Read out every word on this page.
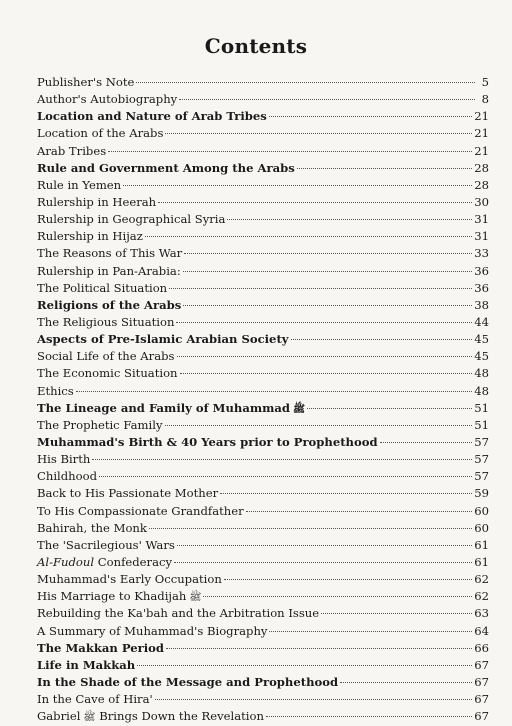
Contents
Publisher's Note	5
Author's Autobiography	8
Location and Nature of Arab Tribes	21
Location of the Arabs	21
Arab Tribes	21
Rule and Government Among the Arabs	28
Rule in Yemen	28
Rulership in Heerah	30
Rulership in Geographical Syria	31
Rulership in Hijaz	31
The Reasons of This War	33
Rulership in Pan-Arabia:	36
The Political Situation	36
Religions of the Arabs	38
The Religious Situation	44
Aspects of Pre-Islamic Arabian Society	45
Social Life of the Arabs	45
The Economic Situation	48
Ethics	48
The Lineage and Family of Muhammad ﷺ	51
The Prophetic Family	51
Muhammad's Birth & 40 Years prior to Prophethood	57
His Birth	57
Childhood	57
Back to His Passionate Mother	59
To His Compassionate Grandfather	60
Bahirah, the Monk	60
The 'Sacrilegious' Wars	61
Al-Fudoul Confederacy	61
Muhammad's Early Occupation	62
His Marriage to Khadijah ﷺ	62
Rebuilding the Ka'bah and the Arbitration Issue	63
A Summary of Muhammad's Biography	64
The Makkan Period	66
Life in Makkah	67
In the Shade of the Message and Prophethood	67
In the Cave of Hira'	67
Gabriel ﷺ Brings Down the Revelation	67
